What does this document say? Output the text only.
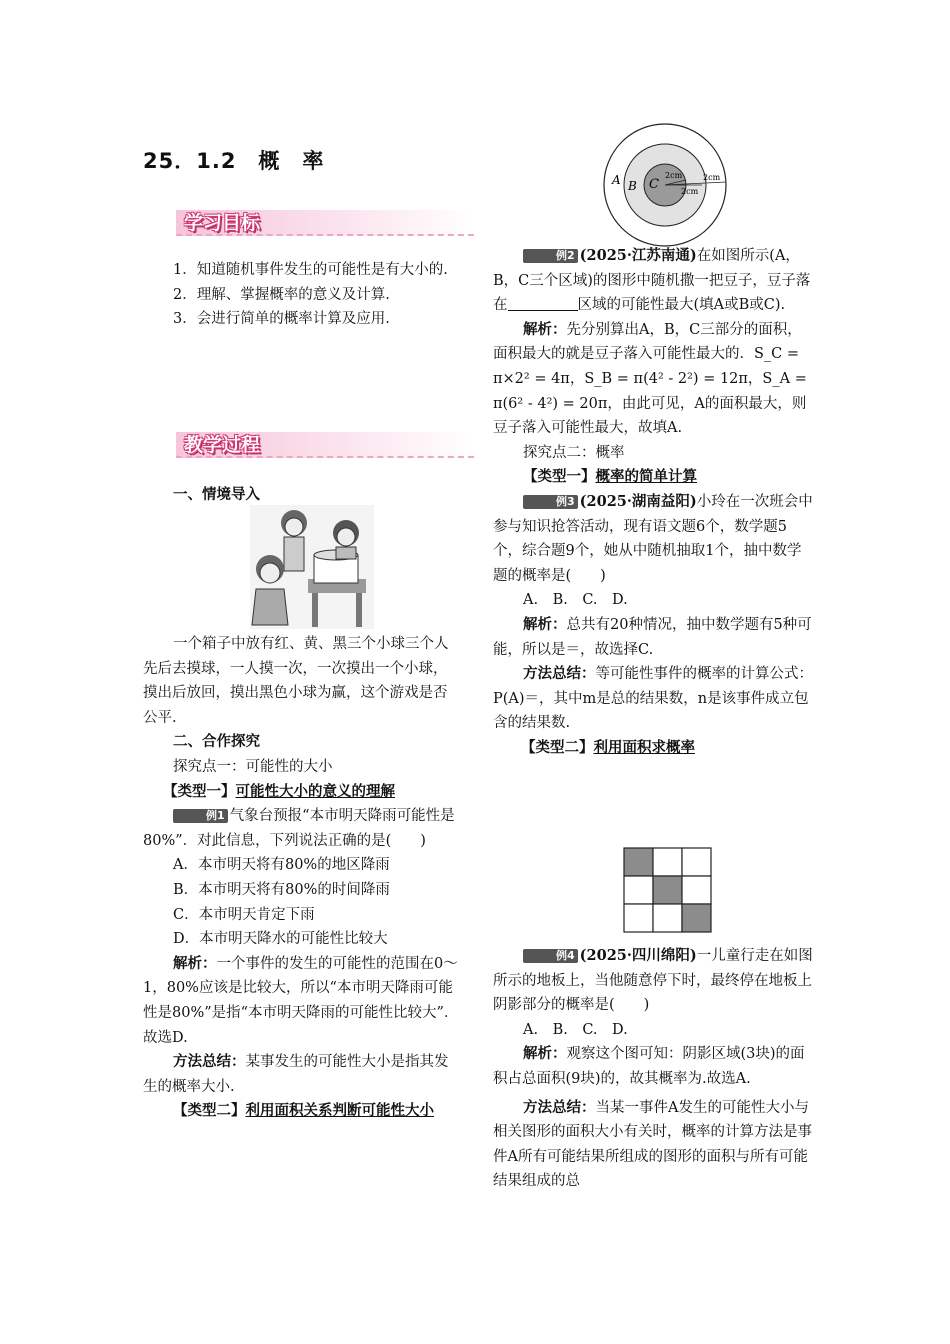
25．1.2　概　率
学习目标

1．知道随机事件发生的可能性是有大小的.

2．理解、掌握概率的意义及计算.

3．会进行简单的概率计算及应用.

教学过程
一、情境导入

一个箱子中放有红、黄、黑三个小球三个人先后去摸球，一人摸一次，一次摸出一个小球，摸出后放回，摸出黑色小球为赢，这个游戏是否公平.

二、合作探究

探究点一：可能性的大小

【类型一】可能性大小的意义的理解

例1 气象台预报“本市明天降雨可能性是80%”．对此信息，下列说法正确的是(　　)

A．本市明天将有80%的地区降雨

B．本市明天将有80%的时间降雨

C．本市明天肯定下雨

D．本市明天降水的可能性比较大

解析：一个事件的发生的可能性的范围在0～1，80%应该是比较大，所以“本市明天降雨可能性是80%”是指“本市明天降雨的可能性比较大”．故选D.

方法总结：某事发生的可能性大小是指其发生的概率大小.

【类型二】利用面积关系判断可能性大小

A B C
2cm
2cm
2cm

例2 (2025·江苏南通)在如图所示(A，B，C三个区域)的图形中随机撒一把豆子，豆子落在	区域的可能性最大(填A或B或C).

解析：先分别算出A，B，C三部分的面积，面积最大的就是豆子落入可能性最大的．S_C = π×2² = 4π，S_B = π(4² - 2²) = 12π，S_A = π(6² - 4²) = 20π，由此可见，A的面积最大，则豆子落入可能性最大，故填A.

探究点二：概率

【类型一】概率的简单计算

例3 (2025·湖南益阳)小玲在一次班会中参与知识抢答活动，现有语文题6个，数学题5个，综合题9个，她从中随机抽取1个，抽中数学题的概率是(　　)

A.　B.　C.　D.

解析：总共有20种情况，抽中数学题有5种可能，所以是＝，故选择C.

方法总结：等可能性事件的概率的计算公式：P(A)＝，其中m是总的结果数，n是该事件成立包含的结果数.

【类型二】利用面积求概率

例4 (2025·四川绵阳)一儿童行走在如图所示的地板上，当他随意停下时，最终停在地板上阴影部分的概率是(　　)

A.　B.　C.　D.

解析：观察这个图可知：阴影区域(3块)的面积占总面积(9块)的，故其概率为.故选A.

方法总结：当某一事件A发生的可能性大小与相关图形的面积大小有关时，概率的计算方法是事件A所有可能结果所组成的图形的面积与所有可能结果组成的总
